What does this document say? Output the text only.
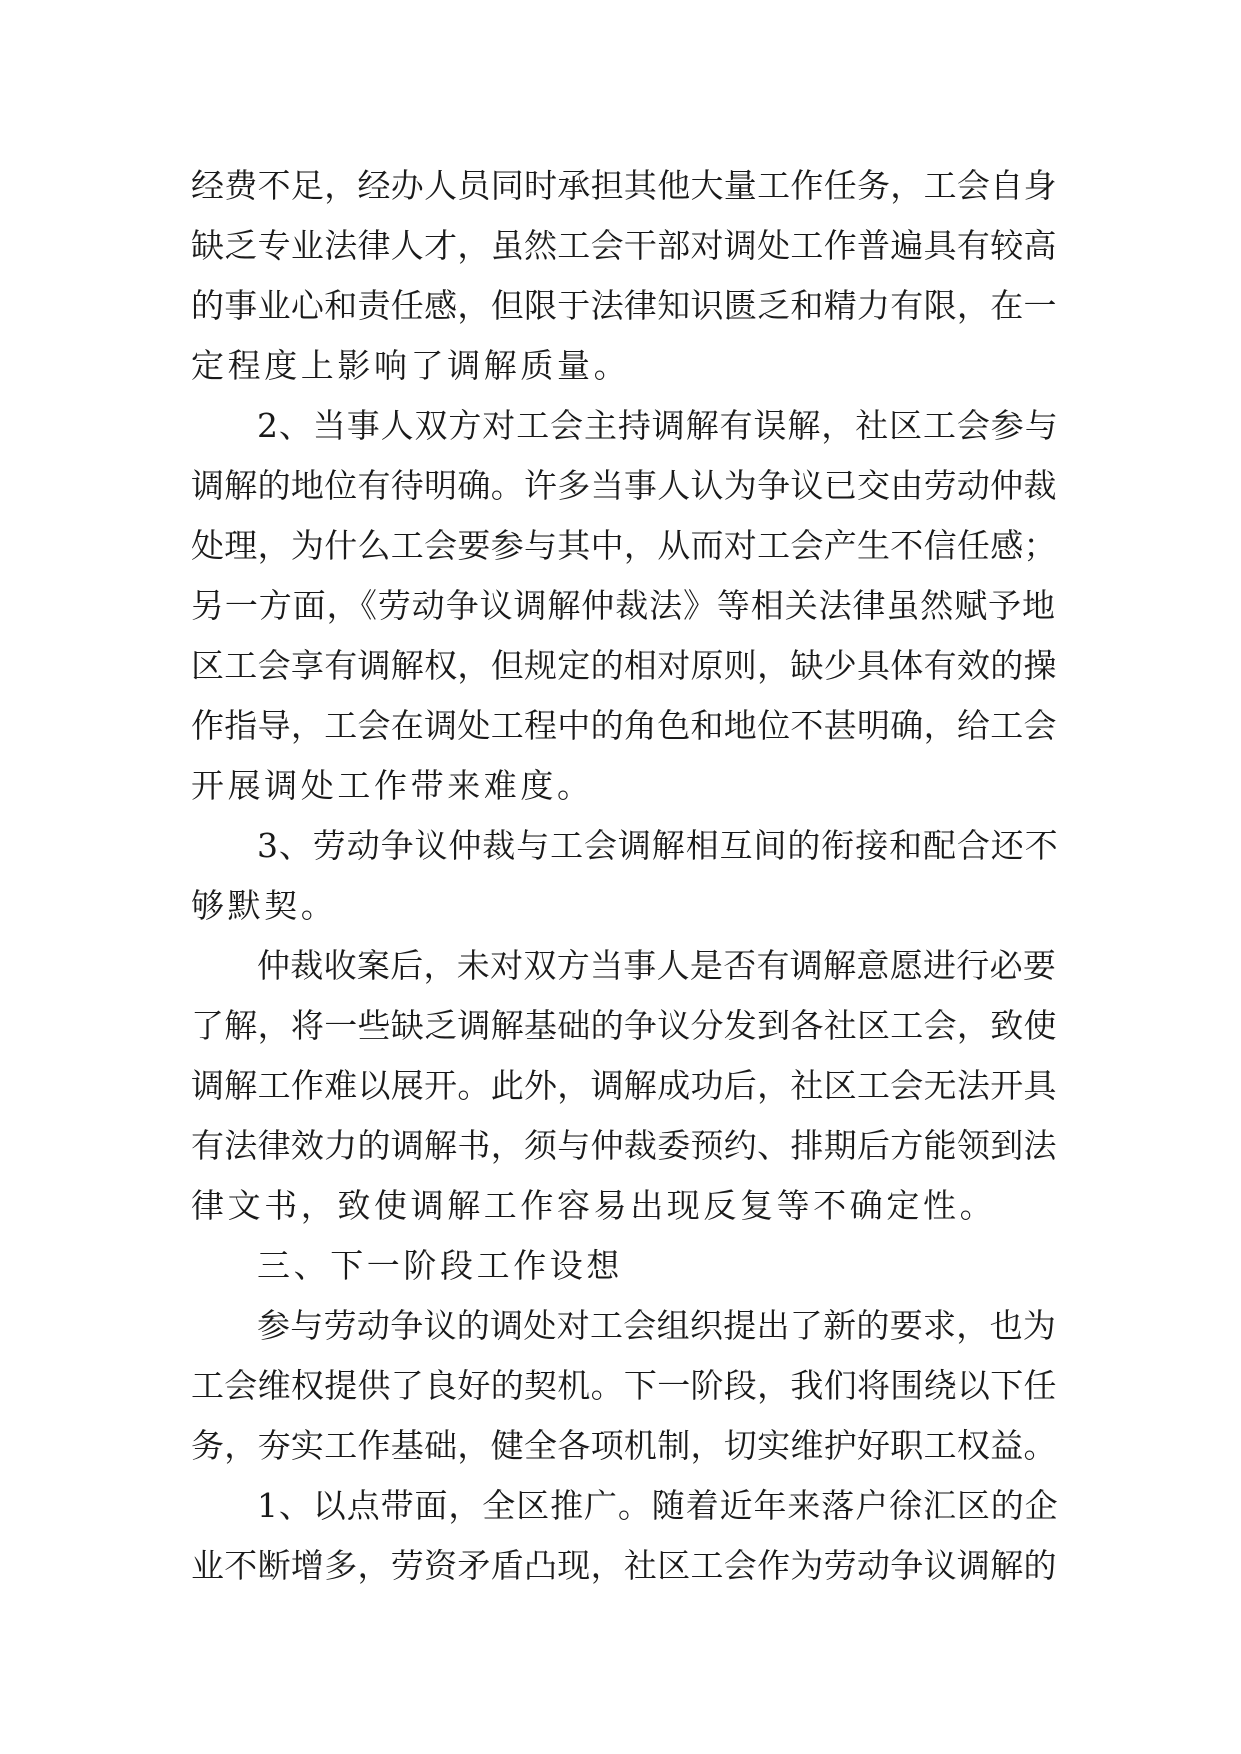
经费不足，经办人员同时承担其他大量工作任务，工会自身
缺乏专业法律人才，虽然工会干部对调处工作普遍具有较高
的事业心和责任感，但限于法律知识匮乏和精力有限，在一
定程度上影响了调解质量。
2、当事人双方对工会主持调解有误解，社区工会参与
调解的地位有待明确。许多当事人认为争议已交由劳动仲裁
处理，为什么工会要参与其中，从而对工会产生不信任感；
另一方面，《劳动争议调解仲裁法》等相关法律虽然赋予地
区工会享有调解权，但规定的相对原则，缺少具体有效的操
作指导，工会在调处工程中的角色和地位不甚明确，给工会
开展调处工作带来难度。
3、劳动争议仲裁与工会调解相互间的衔接和配合还不
够默契。
仲裁收案后，未对双方当事人是否有调解意愿进行必要
了解，将一些缺乏调解基础的争议分发到各社区工会，致使
调解工作难以展开。此外，调解成功后，社区工会无法开具
有法律效力的调解书，须与仲裁委预约、排期后方能领到法
律文书，致使调解工作容易出现反复等不确定性。
三、下一阶段工作设想
参与劳动争议的调处对工会组织提出了新的要求，也为
工会维权提供了良好的契机。下一阶段，我们将围绕以下任
务，夯实工作基础，健全各项机制，切实维护好职工权益。
1、以点带面，全区推广。随着近年来落户徐汇区的企
业不断增多，劳资矛盾凸现，社区工会作为劳动争议调解的
